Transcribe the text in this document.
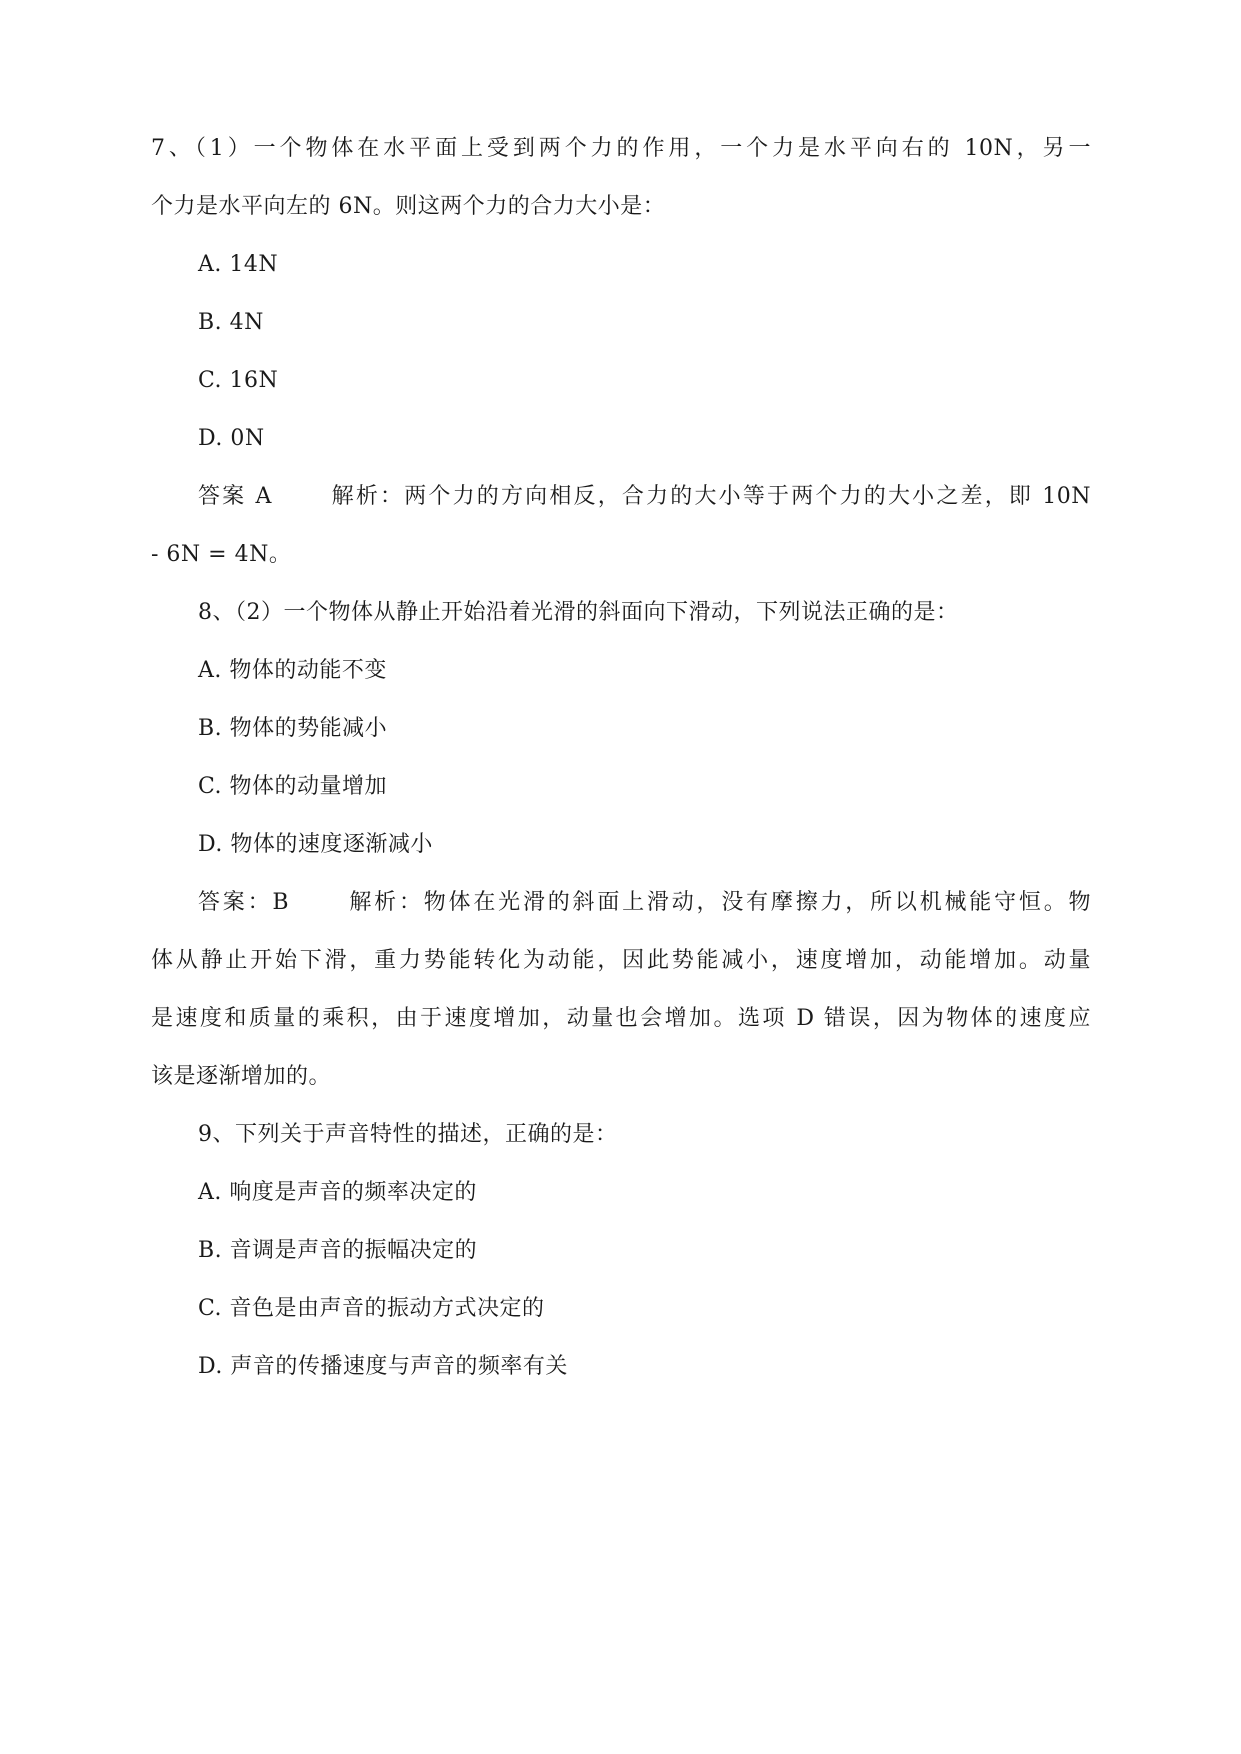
7、（1）一个物体在水平面上受到两个力的作用，一个力是水平向右的 10N，另一
个力是水平向左的 6N。则这两个力的合力大小是：
A. 14N
B. 4N
C. 16N
D. 0N
答案 A	解析：两个力的方向相反，合力的大小等于两个力的大小之差，即 10N
- 6N = 4N。
8、（2）一个物体从静止开始沿着光滑的斜面向下滑动，下列说法正确的是：
A. 物体的动能不变
B. 物体的势能减小
C. 物体的动量增加
D. 物体的速度逐渐减小
答案：B	解析：物体在光滑的斜面上滑动，没有摩擦力，所以机械能守恒。物
体从静止开始下滑，重力势能转化为动能，因此势能减小，速度增加，动能增加。动量
是速度和质量的乘积，由于速度增加，动量也会增加。选项 D 错误，因为物体的速度应
该是逐渐增加的。
9、下列关于声音特性的描述，正确的是：
A. 响度是声音的频率决定的
B. 音调是声音的振幅决定的
C. 音色是由声音的振动方式决定的
D. 声音的传播速度与声音的频率有关
